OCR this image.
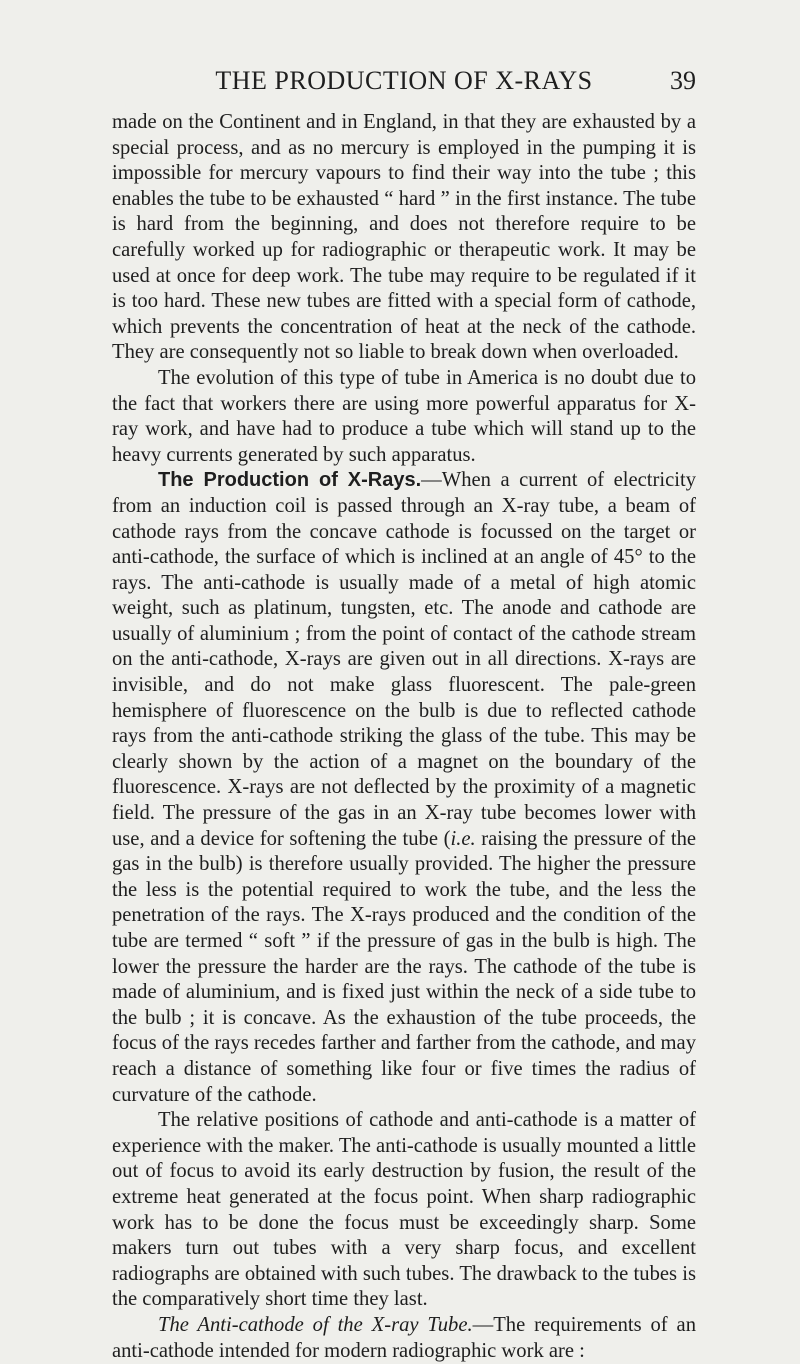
THE PRODUCTION OF X-RAYS	39

made on the Continent and in England, in that they are exhausted by a special process, and as no mercury is employed in the pumping it is impossible for mercury vapours to find their way into the tube ; this enables the tube to be exhausted “ hard ” in the first instance. The tube is hard from the beginning, and does not therefore require to be carefully worked up for radiographic or therapeutic work. It may be used at once for deep work. The tube may require to be regulated if it is too hard. These new tubes are fitted with a special form of cathode, which prevents the concentration of heat at the neck of the cathode. They are consequently not so liable to break down when overloaded.

The evolution of this type of tube in America is no doubt due to the fact that workers there are using more powerful apparatus for X-ray work, and have had to produce a tube which will stand up to the heavy currents generated by such apparatus.

The Production of X-Rays.—When a current of electricity from an induction coil is passed through an X-ray tube, a beam of cathode rays from the concave cathode is focussed on the target or anti-cathode, the surface of which is inclined at an angle of 45° to the rays. The anti-cathode is usually made of a metal of high atomic weight, such as platinum, tungsten, etc. The anode and cathode are usually of aluminium ; from the point of contact of the cathode stream on the anti-cathode, X-rays are given out in all directions. X-rays are invisible, and do not make glass fluorescent. The pale-green hemisphere of fluorescence on the bulb is due to reflected cathode rays from the anti-cathode striking the glass of the tube. This may be clearly shown by the action of a magnet on the boundary of the fluorescence. X-rays are not deflected by the proximity of a magnetic field. The pressure of the gas in an X-ray tube becomes lower with use, and a device for softening the tube (i.e. raising the pressure of the gas in the bulb) is therefore usually provided. The higher the pressure the less is the potential required to work the tube, and the less the penetration of the rays. The X-rays produced and the condition of the tube are termed “ soft ” if the pressure of gas in the bulb is high. The lower the pressure the harder are the rays. The cathode of the tube is made of aluminium, and is fixed just within the neck of a side tube to the bulb ; it is concave. As the exhaustion of the tube proceeds, the focus of the rays recedes farther and farther from the cathode, and may reach a distance of something like four or five times the radius of curvature of the cathode.

The relative positions of cathode and anti-cathode is a matter of experience with the maker. The anti-cathode is usually mounted a little out of focus to avoid its early destruction by fusion, the result of the extreme heat generated at the focus point. When sharp radiographic work has to be done the focus must be exceedingly sharp. Some makers turn out tubes with a very sharp focus, and excellent radiographs are obtained with such tubes. The drawback to the tubes is the comparatively short time they last.

The Anti-cathode of the X-ray Tube.—The requirements of an anti-cathode intended for modern radiographic work are :
